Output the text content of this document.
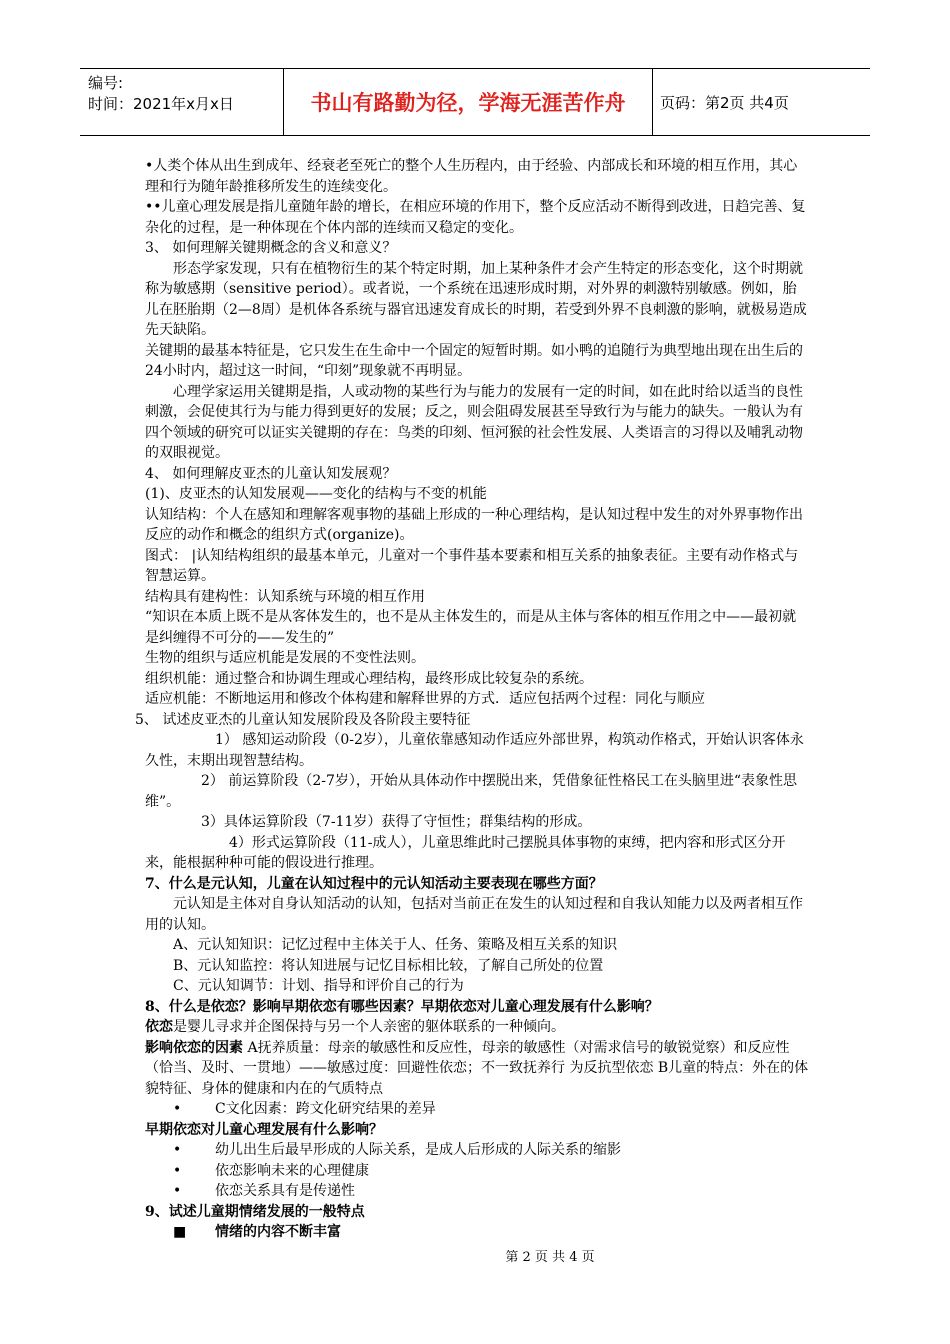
编号:
时间：2021年x月x日	书山有路勤为径，学海无涯苦作舟	页码：第2页 共4页

•人类个体从出生到成年、经衰老至死亡的整个人生历程内，由于经验、内部成长和环境的相互作用，其心理和行为随年龄推移所发生的连续变化。

••儿童心理发展是指儿童随年龄的增长，在相应环境的作用下，整个反应活动不断得到改进，日趋完善、复杂化的过程，是一种体现在个体内部的连续而又稳定的变化。

3、 如何理解关键期概念的含义和意义？

形态学家发现，只有在植物衍生的某个特定时期，加上某种条件才会产生特定的形态变化，这个时期就称为敏感期（sensitive period）。或者说，一个系统在迅速形成时期，对外界的刺激特别敏感。例如，胎儿在胚胎期（2—8周）是机体各系统与器官迅速发育成长的时期，若受到外界不良刺激的影响，就极易造成先天缺陷。

关键期的最基本特征是，它只发生在生命中一个固定的短暂时期。如小鸭的追随行为典型地出现在出生后的24小时内，超过这一时间，“印刻”现象就不再明显。

心理学家运用关键期是指，人或动物的某些行为与能力的发展有一定的时间，如在此时给以适当的良性刺激，会促使其行为与能力得到更好的发展；反之，则会阻碍发展甚至导致行为与能力的缺失。一般认为有四个领域的研究可以证实关键期的存在：鸟类的印刻、恒河猴的社会性发展、人类语言的习得以及哺乳动物的双眼视觉。

4、 如何理解皮亚杰的儿童认知发展观？

(1)、皮亚杰的认知发展观——变化的结构与不变的机能

认知结构：个人在感知和理解客观事物的基础上形成的一种心理结构，是认知过程中发生的对外界事物作出反应的动作和概念的组织方式(organize)。

图式： |认知结构组织的最基本单元，儿童对一个事件基本要素和相互关系的抽象表征。主要有动作格式与智慧运算。

结构具有建构性：认知系统与环境的相互作用

“知识在本质上既不是从客体发生的，也不是从主体发生的，而是从主体与客体的相互作用之中——最初就是纠缠得不可分的——发生的”

生物的组织与适应机能是发展的不变性法则。

组织机能：通过整合和协调生理或心理结构，最终形成比较复杂的系统。

适应机能：不断地运用和修改个体构建和解释世界的方式．适应包括两个过程：同化与顺应

5、 试述皮亚杰的儿童认知发展阶段及各阶段主要特征

1） 感知运动阶段（0-2岁），儿童依靠感知动作适应外部世界，构筑动作格式，开始认识客体永久性，末期出现智慧结构。

2） 前运算阶段（2-7岁），开始从具体动作中摆脱出来，凭借象征性格民工在头脑里进“表象性思维”。

3）具体运算阶段（7-11岁）获得了守恒性；群集结构的形成。

4）形式运算阶段（11-成人），儿童思维此时己摆脱具体事物的束缚，把内容和形式区分开来，能根据种种可能的假设进行推理。

7、什么是元认知，儿童在认知过程中的元认知活动主要表现在哪些方面？

元认知是主体对自身认知活动的认知，包括对当前正在发生的认知过程和自我认知能力以及两者相互作用的认知。

A、元认知知识：记忆过程中主体关于人、任务、策略及相互关系的知识

B、元认知监控：将认知进展与记忆目标相比较，了解自己所处的位置

C、元认知调节：计划、指导和评价自己的行为

8、什么是依恋？影响早期依恋有哪些因素？早期依恋对儿童心理发展有什么影响？

依恋是婴儿寻求并企图保持与另一个人亲密的躯体联系的一种倾向。

影响依恋的因素 A抚养质量：母亲的敏感性和反应性，母亲的敏感性（对需求信号的敏锐觉察）和反应性（恰当、及时、一贯地）——敏感过度：回避性依恋；不一致抚养行 为反抗型依恋 B儿童的特点：外在的体貌特征、身体的健康和内在的气质特点

• C文化因素：跨文化研究结果的差异

早期依恋对儿童心理发展有什么影响？

• 幼儿出生后最早形成的人际关系，是成人后形成的人际关系的缩影

• 依恋影响未来的心理健康

• 依恋关系具有是传递性

9、试述儿童期情绪发展的一般特点

■ 情绪的内容不断丰富

第 2 页 共 4 页
